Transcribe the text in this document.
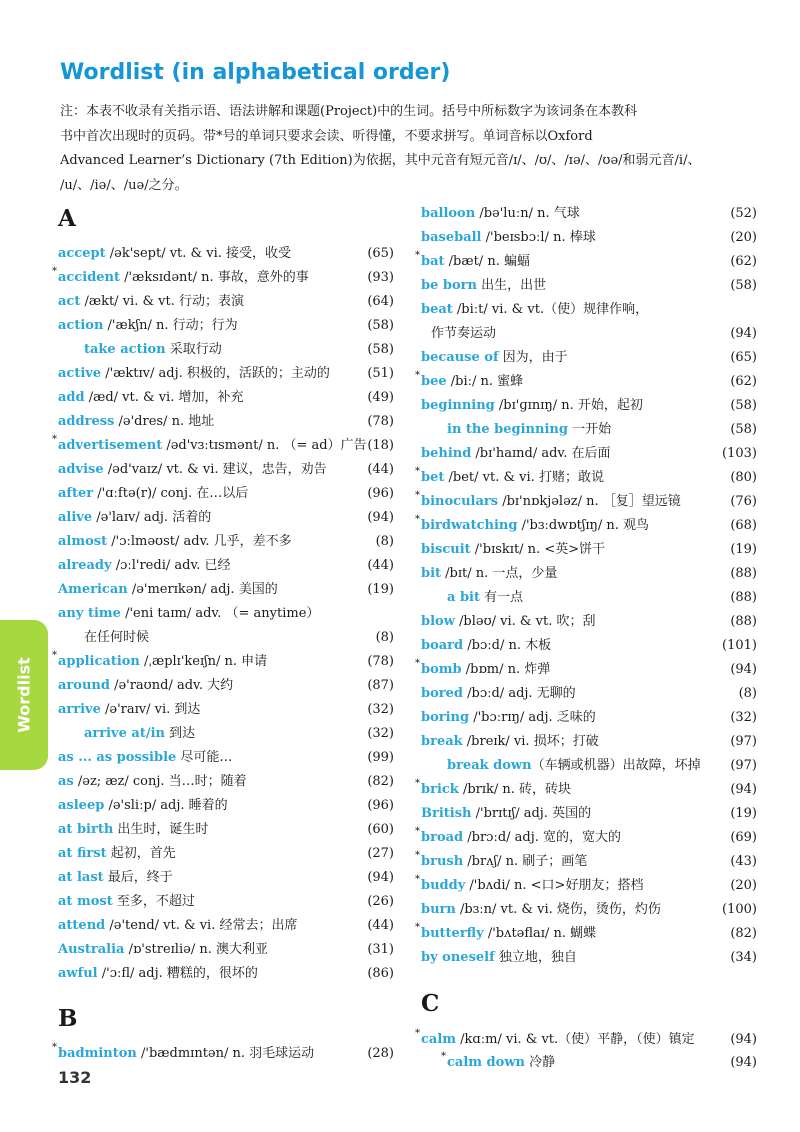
Wordlist (in alphabetical order)

注：本表不收录有关指示语、语法讲解和课题(Project)中的生词。括号中所标数字为该词条在本教科
书中首次出现时的页码。带*号的单词只要求会读、听得懂，不要求拼写。单词音标以Oxford
Advanced Learner’s Dictionary (7th Edition)为依据，其中元音有短元音/ɪ/、/ʊ/、/ɪə/、/ʊə/和弱元音/i/、
/u/、/iə/、/uə/之分。

A
B
C
accept /ək'sept/ vt. & vi. 接受，收受	(65)
* accident /'æksɪdənt/ n. 事故，意外的事	(93)
act /ækt/ vi. & vt. 行动；表演	(64)
action /'ækʃn/ n. 行动；行为	(58)
take action 采取行动	(58)
active /'æktɪv/ adj. 积极的，活跃的；主动的	(51)
add /æd/ vt. & vi. 增加，补充	(49)
address /ə'dres/ n. 地址	(78)
* advertisement /əd'vɜːtɪsmənt/ n. （= ad）广告 (18)
advise /əd'vaɪz/ vt. & vi. 建议，忠告，劝告	(44)
after /'ɑːftə(r)/ conj. 在…以后	(96)
alive /ə'laɪv/ adj. 活着的	(94)
almost /'ɔːlməʊst/ adv. 几乎，差不多	(8)
already /ɔːl'redi/ adv. 已经	(44)
American /ə'merɪkən/ adj. 美国的	(19)
any time /'eni taɪm/ adv. （= anytime）
在任何时候	(8)
* application /ˌæplɪ'keɪʃn/ n. 申请	(78)
around /ə'raʊnd/ adv. 大约	(87)
arrive /ə'raɪv/ vi. 到达	(32)
arrive at/in 到达	(32)
as ... as possible 尽可能…	(99)
as /əz; æz/ conj. 当…时；随着	(82)
asleep /ə'sliːp/ adj. 睡着的	(96)
at birth 出生时，诞生时	(60)
at first 起初，首先	(27)
at last 最后，终于	(94)
at most 至多，不超过	(26)
attend /ə'tend/ vt. & vi. 经常去；出席	(44)
Australia /ɒ'streɪliə/ n. 澳大利亚	(31)
awful /'ɔːfl/ adj. 糟糕的，很坏的	(86)
* badminton /'bædmɪntən/ n. 羽毛球运动	(28)
balloon /bə'luːn/ n. 气球	(52)
baseball /'beɪsbɔːl/ n. 棒球	(20)
* bat /bæt/ n. 蝙蝠	(62)
be born 出生，出世	(58)
beat /biːt/ vi. & vt.（使）规律作响，
作节奏运动	(94)
because of 因为，由于	(65)
* bee /biː/ n. 蜜蜂	(62)
beginning /bɪ'ɡɪnɪŋ/ n. 开始，起初	(58)
in the beginning 一开始	(58)
behind /bɪ'haɪnd/ adv. 在后面	(103)
* bet /bet/ vt. & vi. 打赌；敢说	(80)
* binoculars /bɪ'nɒkjələz/ n. ［复］望远镜	(76)
* birdwatching /'bɜːdwɒtʃɪŋ/ n. 观鸟	(68)
biscuit /'bɪskɪt/ n. <英>饼干	(19)
bit /bɪt/ n. 一点，少量	(88)
a bit 有一点	(88)
blow /bləʊ/ vi. & vt. 吹；刮	(88)
board /bɔːd/ n. 木板	(101)
* bomb /bɒm/ n. 炸弹	(94)
bored /bɔːd/ adj. 无聊的	(8)
boring /'bɔːrɪŋ/ adj. 乏味的	(32)
break /breɪk/ vi. 损坏；打破	(97)
break down（车辆或机器）出故障，坏掉 (97)
* brick /brɪk/ n. 砖，砖块	(94)
British /'brɪtɪʃ/ adj. 英国的	(19)
* broad /brɔːd/ adj. 宽的，宽大的	(69)
* brush /brʌʃ/ n. 刷子；画笔	(43)
* buddy /'bʌdi/ n. <口>好朋友；搭档	(20)
burn /bɜːn/ vt. & vi. 烧伤，烫伤，灼伤	(100)
* butterfly /'bʌtəflaɪ/ n. 蝴蝶	(82)
by oneself 独立地，独自	(34)
* calm /kɑːm/ vi. & vt.（使）平静，（使）镇定	(94)
* calm down 冷静	(94)
Wordlist
132
